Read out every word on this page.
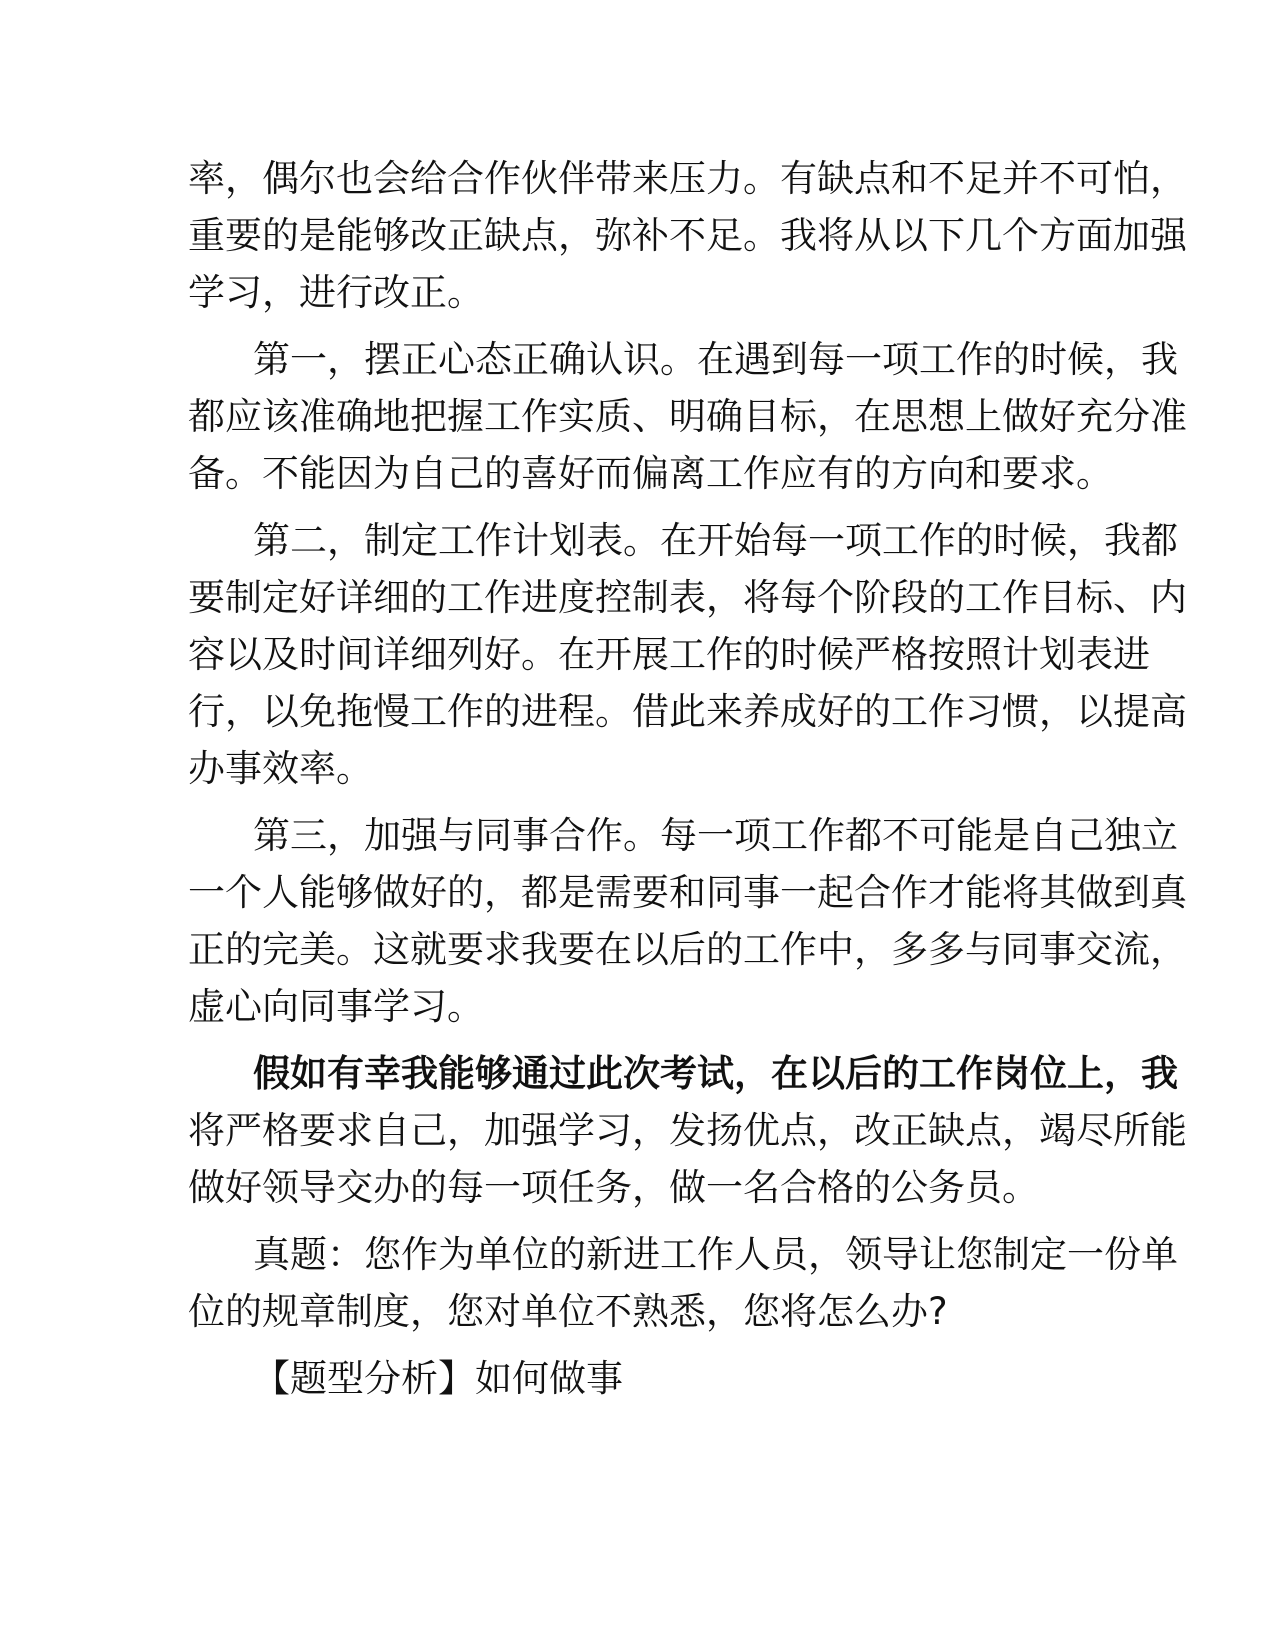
率，偶尔也会给合作伙伴带来压力。有缺点和不足并不可怕，
重要的是能够改正缺点，弥补不足。我将从以下几个方面加强
学习，进行改正。
第一，摆正心态正确认识。在遇到每一项工作的时候，我
都应该准确地把握工作实质、明确目标，在思想上做好充分准
备。不能因为自己的喜好而偏离工作应有的方向和要求。
第二，制定工作计划表。在开始每一项工作的时候，我都
要制定好详细的工作进度控制表，将每个阶段的工作目标、内
容以及时间详细列好。在开展工作的时候严格按照计划表进
行，以免拖慢工作的进程。借此来养成好的工作习惯，以提高
办事效率。
第三，加强与同事合作。每一项工作都不可能是自己独立
一个人能够做好的，都是需要和同事一起合作才能将其做到真
正的完美。这就要求我要在以后的工作中，多多与同事交流，
虚心向同事学习。
假如有幸我能够通过此次考试，在以后的工作岗位上，我
将严格要求自己，加强学习，发扬优点，改正缺点，竭尽所能
做好领导交办的每一项任务，做一名合格的公务员。
真题：您作为单位的新进工作人员，领导让您制定一份单
位的规章制度，您对单位不熟悉，您将怎么办?
【题型分析】如何做事
